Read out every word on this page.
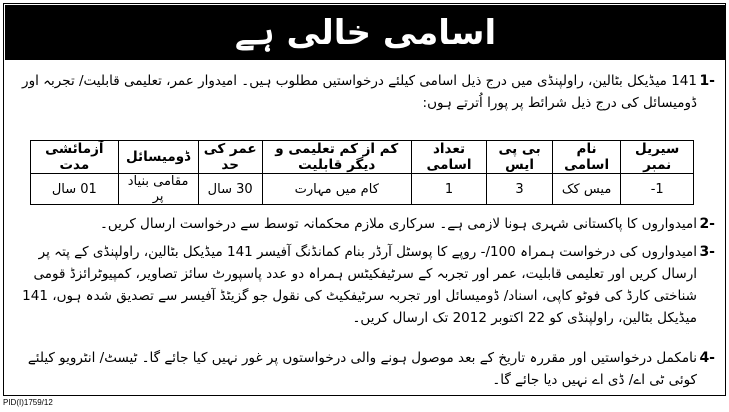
اسامی خالی ہے
1-
141 میڈیکل بٹالین، راولپنڈی میں درج ذیل اسامی کیلئے درخواستیں مطلوب ہیں۔ امیدوار عمر، تعلیمی قابلیت/ تجربہ اور ڈومیسائل کی درج ذیل شرائط پر پورا اُترتے ہوں:
سیریل نمبر	نام اسامی	بی پی ایس	تعداد اسامی	کم از کم تعلیمی و دیگر قابلیت	عمر کی حد	ڈومیسائل	آزمائشی مدت
1-	میس کک	3	1	کام میں مہارت	30 سال	مقامی بنیاد پر	01 سال
2-
امیدواروں کا پاکستانی شہری ہونا لازمی ہے۔ سرکاری ملازم محکمانہ توسط سے درخواست ارسال کریں۔
3-
امیدواروں کی درخواست ہمراہ 100/- روپے کا پوسٹل آرڈر بنام کمانڈنگ آفیسر 141 میڈیکل بٹالین، راولپنڈی کے پتہ پر ارسال کریں اور تعلیمی قابلیت، عمر اور تجربہ کے سرٹیفکیٹس ہمراہ دو عدد پاسپورٹ سائز تصاویر، کمپیوٹرائزڈ قومی شناختی کارڈ کی فوٹو کاپی، اسناد/ ڈومیسائل اور تجربہ سرٹیفکیٹ کی نقول جو گزیٹڈ آفیسر سے تصدیق شدہ ہوں، 141 میڈیکل بٹالین، راولپنڈی کو 22 اکتوبر 2012 تک ارسال کریں۔
4-
نامکمل درخواستیں اور مقررہ تاریخ کے بعد موصول ہونے والی درخواستوں پر غور نہیں کیا جائے گا۔ ٹیسٹ/ انٹرویو کیلئے کوئی ٹی اے/ ڈی اے نہیں دیا جائے گا۔
PID(I)1759/12
